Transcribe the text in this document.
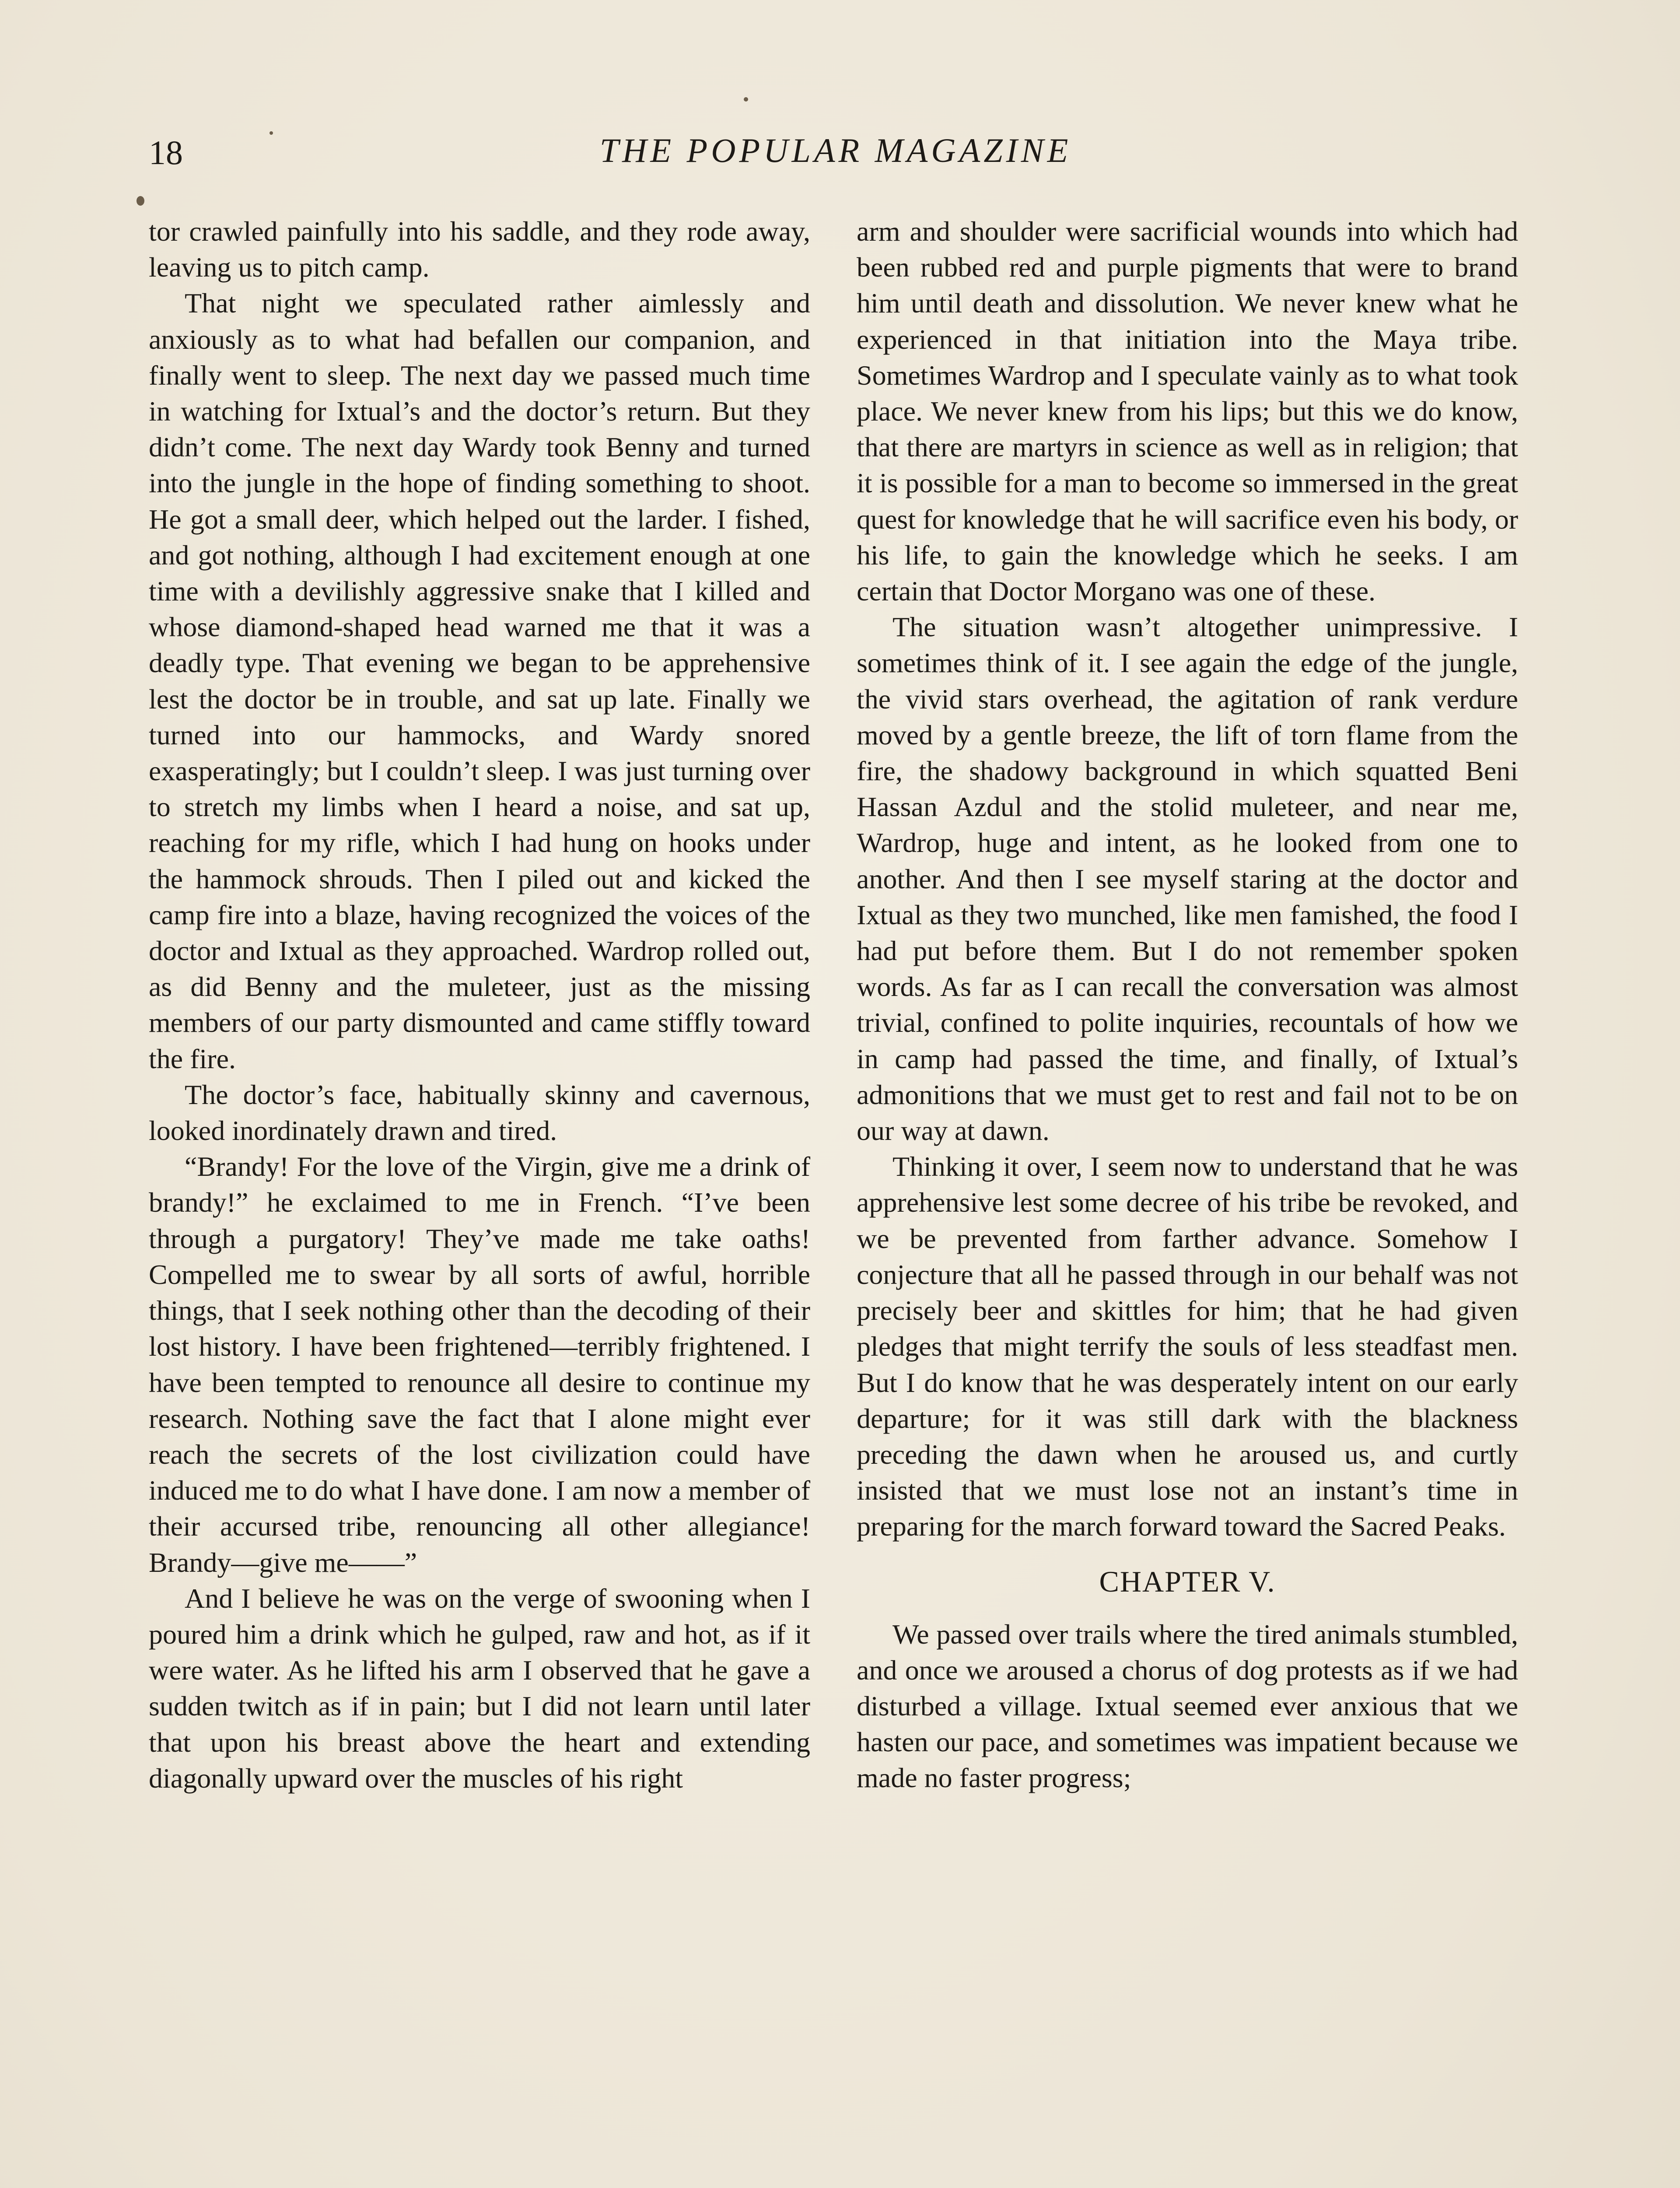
18	THE POPULAR MAGAZINE

tor crawled painfully into his saddle, and they rode away, leaving us to pitch camp.

That night we speculated rather aimlessly and anxiously as to what had befallen our companion, and finally went to sleep. The next day we passed much time in watching for Ixtual’s and the doctor’s return. But they didn’t come. The next day Wardy took Benny and turned into the jungle in the hope of finding something to shoot. He got a small deer, which helped out the larder. I fished, and got nothing, although I had excitement enough at one time with a devilishly aggressive snake that I killed and whose diamond-shaped head warned me that it was a deadly type. That evening we began to be apprehensive lest the doctor be in trouble, and sat up late. Finally we turned into our hammocks, and Wardy snored exasperatingly; but I couldn’t sleep. I was just turning over to stretch my limbs when I heard a noise, and sat up, reaching for my rifle, which I had hung on hooks under the hammock shrouds. Then I piled out and kicked the camp fire into a blaze, having recognized the voices of the doctor and Ixtual as they approached. Wardrop rolled out, as did Benny and the muleteer, just as the missing members of our party dismounted and came stiffly toward the fire.

The doctor’s face, habitually skinny and cavernous, looked inordinately drawn and tired.

“Brandy! For the love of the Virgin, give me a drink of brandy!” he exclaimed to me in French. “I’ve been through a purgatory! They’ve made me take oaths! Compelled me to swear by all sorts of awful, horrible things, that I seek nothing other than the decoding of their lost history. I have been frightened—terribly frightened. I have been tempted to renounce all desire to continue my research. Nothing save the fact that I alone might ever reach the secrets of the lost civilization could have induced me to do what I have done. I am now a member of their accursed tribe, renouncing all other allegiance! Brandy—give me——”

And I believe he was on the verge of swooning when I poured him a drink which he gulped, raw and hot, as if it were water. As he lifted his arm I observed that he gave a sudden twitch as if in pain; but I did not learn until later that upon his breast above the heart and extending diagonally upward over the muscles of his right

arm and shoulder were sacrificial wounds into which had been rubbed red and purple pigments that were to brand him until death and dissolution. We never knew what he experienced in that initiation into the Maya tribe. Sometimes Wardrop and I speculate vainly as to what took place. We never knew from his lips; but this we do know, that there are martyrs in science as well as in religion; that it is possible for a man to become so immersed in the great quest for knowledge that he will sacrifice even his body, or his life, to gain the knowledge which he seeks. I am certain that Doctor Morgano was one of these.

The situation wasn’t altogether unimpressive. I sometimes think of it. I see again the edge of the jungle, the vivid stars overhead, the agitation of rank verdure moved by a gentle breeze, the lift of torn flame from the fire, the shadowy background in which squatted Beni Hassan Azdul and the stolid muleteer, and near me, Wardrop, huge and intent, as he looked from one to another. And then I see myself staring at the doctor and Ixtual as they two munched, like men famished, the food I had put before them. But I do not remember spoken words. As far as I can recall the conversation was almost trivial, confined to polite inquiries, recountals of how we in camp had passed the time, and finally, of Ixtual’s admonitions that we must get to rest and fail not to be on our way at dawn.

Thinking it over, I seem now to understand that he was apprehensive lest some decree of his tribe be revoked, and we be prevented from farther advance. Somehow I conjecture that all he passed through in our behalf was not precisely beer and skittles for him; that he had given pledges that might terrify the souls of less steadfast men. But I do know that he was desperately intent on our early departure; for it was still dark with the blackness preceding the dawn when he aroused us, and curtly insisted that we must lose not an instant’s time in preparing for the march forward toward the Sacred Peaks.

CHAPTER V.

We passed over trails where the tired animals stumbled, and once we aroused a chorus of dog protests as if we had disturbed a village. Ixtual seemed ever anxious that we hasten our pace, and sometimes was impatient because we made no faster progress;
